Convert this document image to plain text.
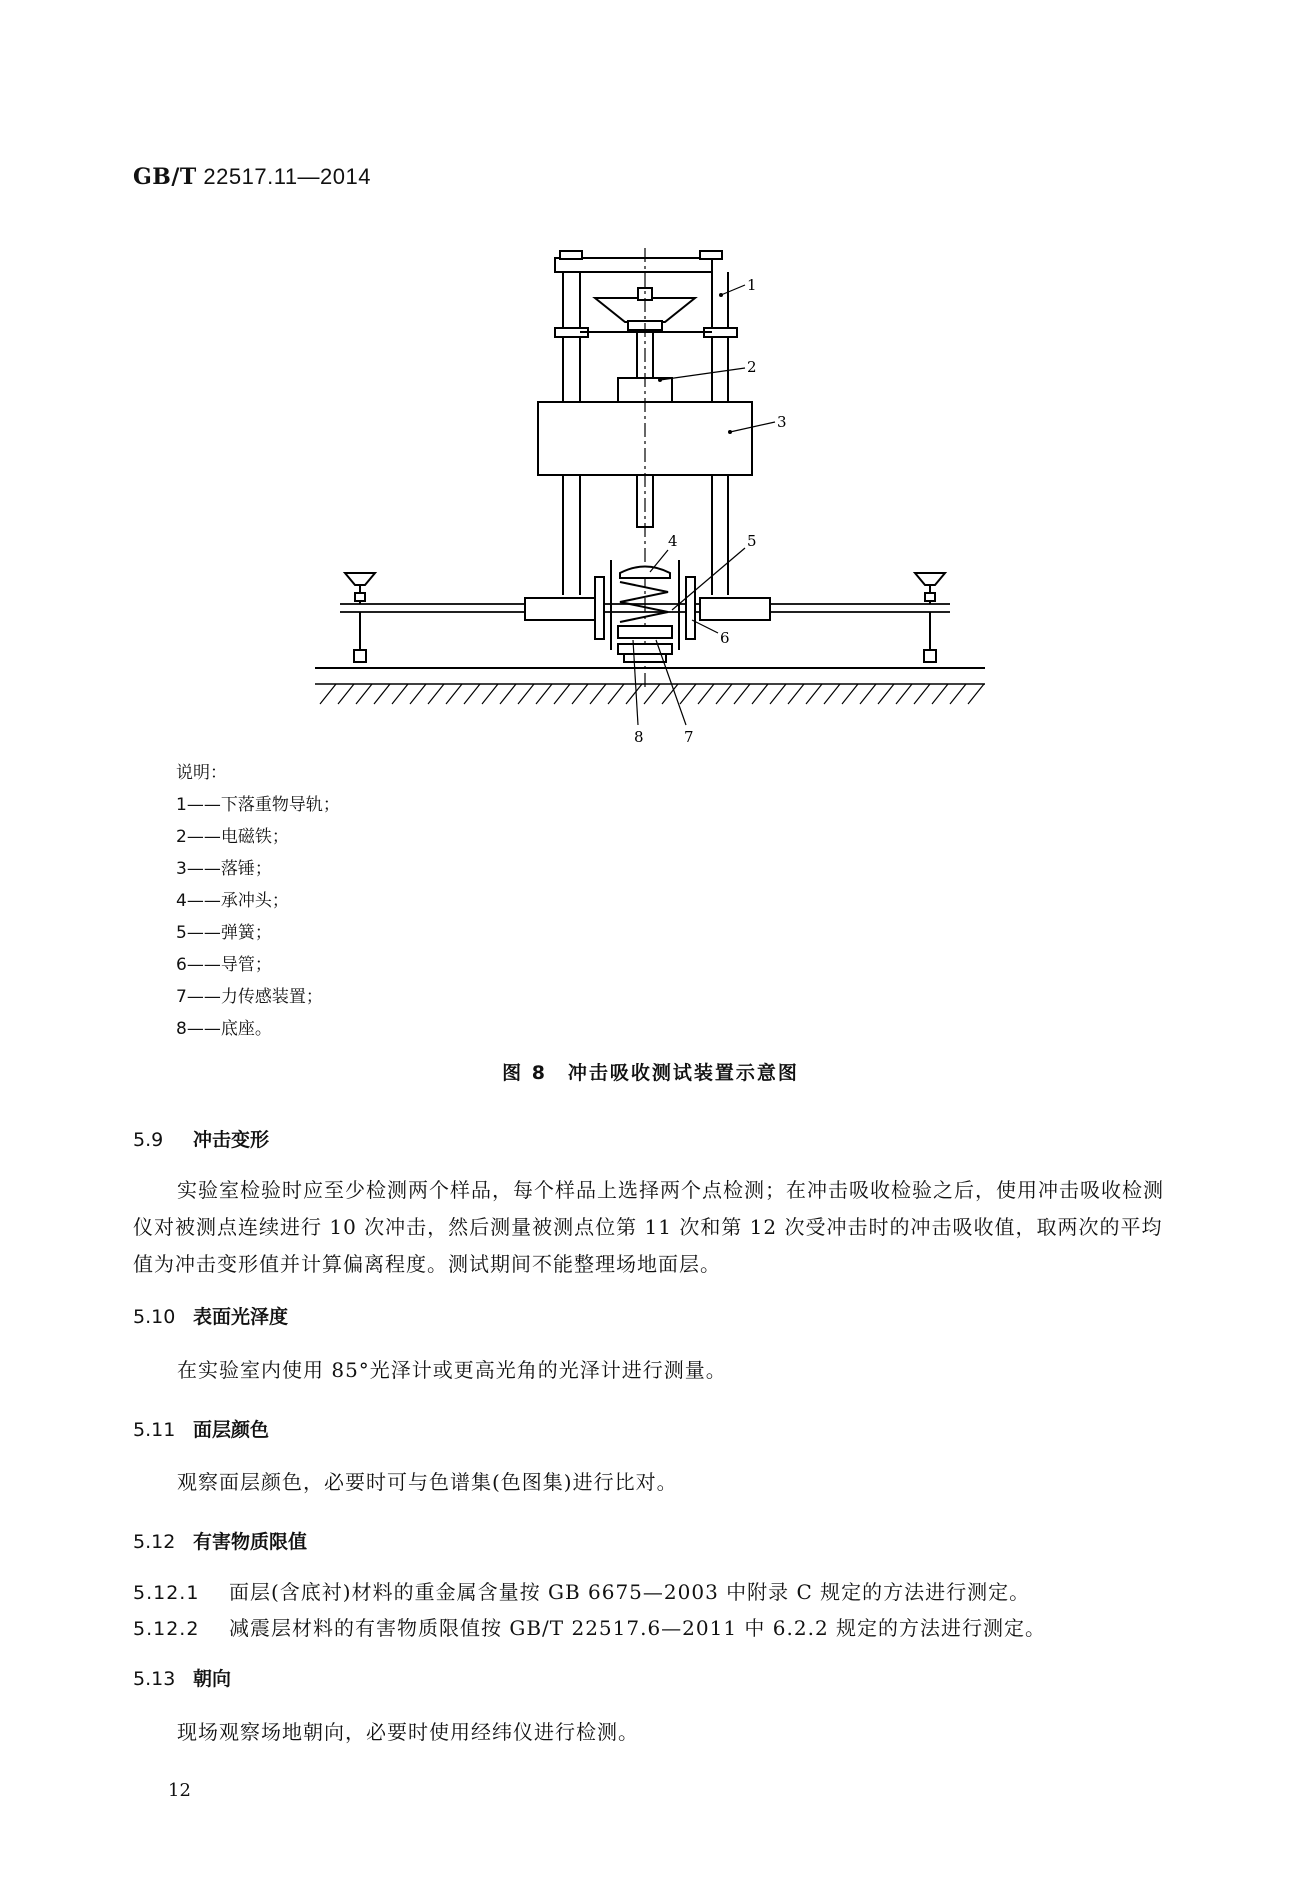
GB/T 22517.11—2014
1
2
3
4	5
6
7
8
说明：
1——下落重物导轨；
2——电磁铁；
3——落锤；
4——承冲头；
5——弹簧；
6——导管；
7——力传感装置；
8——底座。
图 8　冲击吸收测试装置示意图
5.9 冲击变形
实验室检验时应至少检测两个样品，每个样品上选择两个点检测；在冲击吸收检验之后，使用冲击吸收检测仪对被测点连续进行 10 次冲击，然后测量被测点位第 11 次和第 12 次受冲击时的冲击吸收值，取两次的平均值为冲击变形值并计算偏离程度。测试期间不能整理场地面层。
5.10 表面光泽度
在实验室内使用 85°光泽计或更高光角的光泽计进行测量。
5.11 面层颜色
观察面层颜色，必要时可与色谱集(色图集)进行比对。
5.12 有害物质限值
5.12.1 面层(含底衬)材料的重金属含量按 GB 6675—2003 中附录 C 规定的方法进行测定。
5.12.2 减震层材料的有害物质限值按 GB/T 22517.6—2011 中 6.2.2 规定的方法进行测定。
5.13 朝向
现场观察场地朝向，必要时使用经纬仪进行检测。
12
